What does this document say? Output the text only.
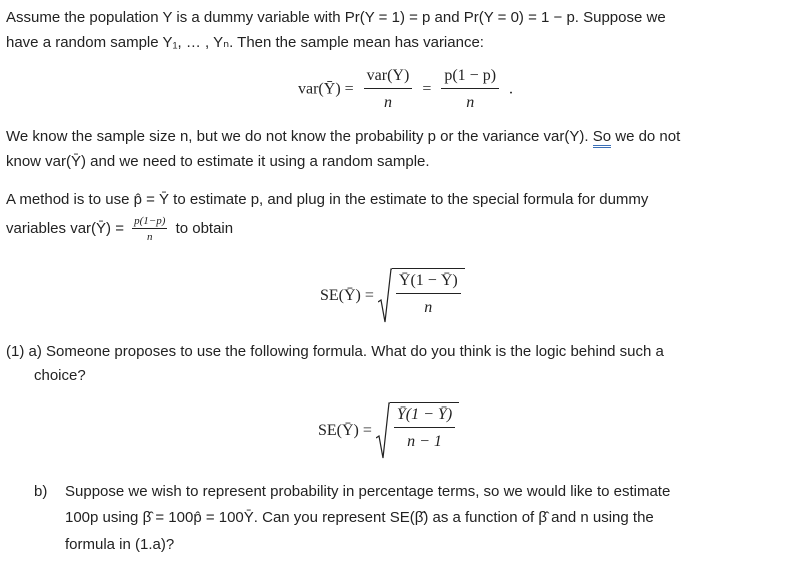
Assume the population Y is a dummy variable with Pr(Y = 1) = p and Pr(Y = 0) = 1 − p. Suppose we
have a random sample Y₁, … , Yₙ. Then the sample mean has variance:
var(Ȳ) = $\frac{\text{var(Y)}}{n} = \frac{p(1 - p)}{n}$ .
We know the sample size n, but we do not know the probability p or the variance var(Y). So we do not
know var(Ȳ) and we need to estimate it using a random sample.
A method is to use p̂ = Ȳ to estimate p, and plug in the estimate to the special formula for dummy
variables var(Ȳ) = $\frac{p(1-p)}{n}$ to obtain
SE(Ȳ) = $\frac{Ȳ(1 - Ȳ)}{n}$
(1) a) Someone proposes to use the following formula. What do you think is the logic behind such a
choice?
SE(Ȳ) = $\frac{Ȳ(1 - Ȳ)}{n - 1}$
b) Suppose we wish to represent probability in percentage terms, so we would like to estimate
100p using β̂ = 100p̂ = 100Ȳ. Can you represent SE(β̂) as a function of β̂ and n using the
formula in (1.a)?
